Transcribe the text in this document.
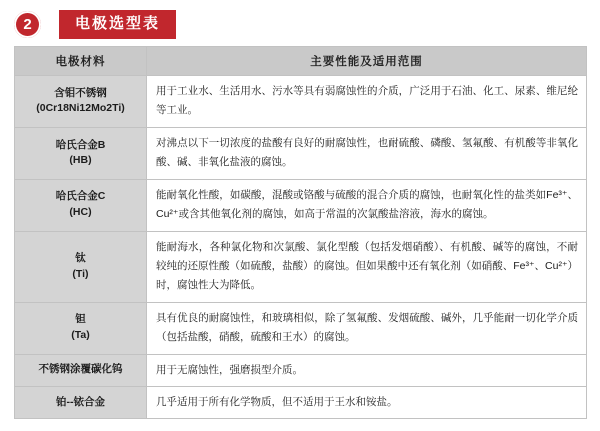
2	电极选型表
电极材料	主要性能及适用范围

含钼不锈钢
(0Cr18Ni12Mo2Ti)	用于工业水、生活用水、污水等具有弱腐蚀性的介质，广泛用于石油、化工、尿素、维尼纶等工业。

哈氏合金B
(HB)	对沸点以下一切浓度的盐酸有良好的耐腐蚀性，也耐硫酸、磷酸、氢氟酸、有机酸等非氧化酸、碱、非氧化盐液的腐蚀。

哈氏合金C
(HC)	能耐氧化性酸，如碳酸，混酸或铬酸与硫酸的混合介质的腐蚀，也耐氧化性的盐类如Fe³⁺、Cu²⁺或含其他氧化剂的腐蚀，如高于常温的次氯酸盐溶液，海水的腐蚀。

钛
(Ti)	能耐海水，各种氯化物和次氯酸、氯化型酸（包括发烟硝酸）、有机酸、碱等的腐蚀，不耐较纯的还原性酸（如硫酸，盐酸）的腐蚀。但如果酸中还有氧化剂（如硝酸、Fe³⁺、Cu²⁺）时，腐蚀性大为降低。

钽
(Ta)	具有优良的耐腐蚀性，和玻璃相似，除了氢氟酸、发烟硫酸、碱外，几乎能耐一切化学介质（包括盐酸，硝酸，硫酸和王水）的腐蚀。

不锈钢涂覆碳化钨	用于无腐蚀性，强磨损型介质。

铂--铱合金	几乎适用于所有化学物质，但不适用于王水和铵盐。
